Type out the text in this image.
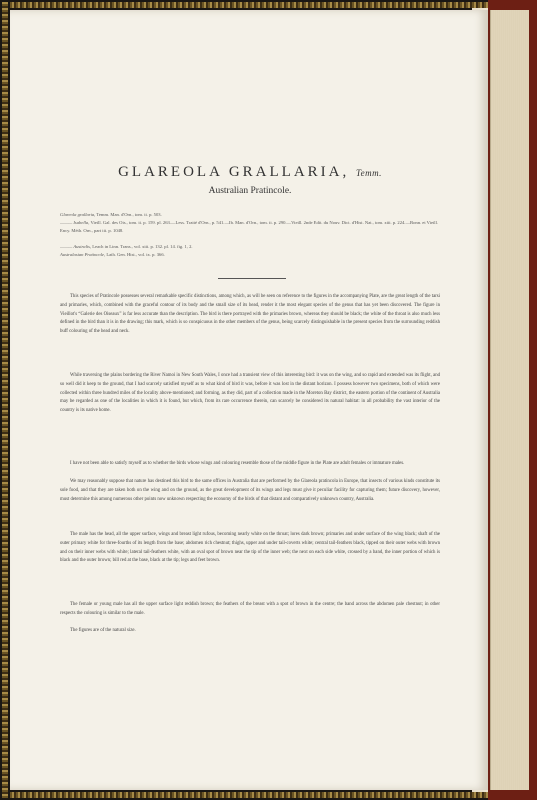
GLAREOLA GRALLARIA, Temm.
Australian Pratincole.
Glareola grallaria, Temm. Man. d'Orn., tom. ii. p. 503.
——— Isabella, Vieill. Gal. des Ois., tom. ii. p. 159. pl. 263.—Less. Traité d'Orn., p. 541.—Ib. Man. d'Orn., tom. ii. p. 290.—Vieill. 2nde Edit. du Nouv. Dict. d'Hist. Nat., tom. xiii. p. 224.—Bonn. et Vieill. Ency. Méth. Orn., part iii. p. 1048.
——— Australis, Leach in Linn. Trans., vol. xiii. p. 132. pl. 14. fig. 1, 2.
Australasian Pratincole, Lath. Gen. Hist., vol. ix. p. 366.
This species of Pratincole possesses several remarkable specific distinctions, among which, as will be seen on reference to the figures in the accompanying Plate, are the great length of the tarsi and primaries, which, combined with the graceful contour of its body and the small size of its head, render it the most elegant species of the genus that has yet been discovered. The figure in Vieillot's “Galerie des Oiseaux” is far less accurate than the description. The bird is there portrayed with the primaries brown, whereas they should be black; the white of the throat is also much less defined in the bird than it is in the drawing; this mark, which is so conspicuous in the other members of the genus, being scarcely distinguishable in the present species from the surrounding reddish buff colouring of the head and neck.
While traversing the plains bordering the River Namoi in New South Wales, I once had a transient view of this interesting bird: it was on the wing, and so rapid and extended was its flight, and so well did it keep to the ground, that I had scarcely satisfied myself as to what kind of bird it was, before it was lost in the distant horizon. I possess however two specimens, both of which were collected within three hundred miles of the locality above-mentioned; and forming, as they did, part of a collection made in the Moreton Bay district, the eastern portion of the continent of Australia may be regarded as one of the localities in which it is found, but which, from its rare occurrence therein, can scarcely be considered its natural habitat: in all probability the vast interior of the country is its native home.
I have not been able to satisfy myself as to whether the birds whose wings and colouring resemble those of the middle figure in the Plate are adult females or immature males.
We may reasonably suppose that nature has destined this bird to the same offices in Australia that are performed by the Glareola pratincola in Europe, that insects of various kinds constitute its sole food, and that they are taken both on the wing and on the ground, as the great development of its wings and legs must give it peculiar facility for capturing them; future discovery, however, must determine this among numerous other points now unknown respecting the economy of the birds of that distant and comparatively unknown country, Australia.
The male has the head, all the upper surface, wings and breast light rufous, becoming nearly white on the throat; lores dark brown; primaries and under surface of the wing black; shaft of the outer primary white for three-fourths of its length from the base; abdomen rich chestnut; thighs, upper and under tail-coverts white; central tail-feathers black, tipped on their outer webs with brown and on their inner webs with white; lateral tail-feathers white, with an oval spot of brown near the tip of the inner web; the next on each side white, crossed by a band, the inner portion of which is black and the outer brown; bill red at the base, black at the tip; legs and feet brown.
The female or young male has all the upper surface light reddish brown; the feathers of the breast with a spot of brown in the centre; the band across the abdomen pale chestnut; in other respects the colouring is similar to the male.
The figures are of the natural size.
